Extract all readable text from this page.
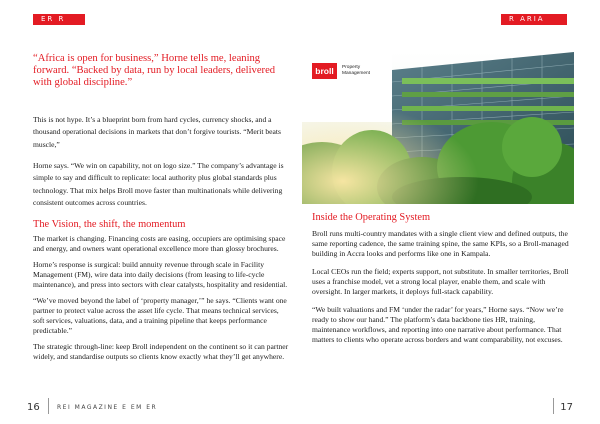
ER R	R ARIA

“Africa is open for business,” Horne tells me, leaning forward. “Backed by data, run by local leaders, delivered with global discipline.”

This is not hype. It’s a blueprint born from hard cycles, currency shocks, and a thousand operational decisions in markets that don’t forgive tourists. “Merit beats muscle,”

Horne says. “We win on capability, not on logo size.” The company’s advantage is simple to say and difficult to replicate: local authority plus global standards plus technology. That mix helps Broll move faster than multinationals while delivering consistent outcomes across countries.

The Vision, the shift, the momentum

The market is changing. Financing costs are easing, occupiers are optimising space and energy, and owners want operational excellence more than glossy brochures.

Horne’s response is surgical: build annuity revenue through scale in Facility Management (FM), wire data into daily decisions (from leasing to life-cycle maintenance), and press into sectors with clear catalysts, hospitality and residential.

“We’ve moved beyond the label of ‘property manager,’” he says. “Clients want one partner to protect value across the asset life cycle. That means technical services, soft services, valuations, data, and a training pipeline that keeps performance predictable.”

The strategic through-line: keep Broll independent on the continent so it can partner widely, and standardise outputs so clients know exactly what they’ll get anywhere.

broll	Property Management
Inside the Operating System

Broll runs multi-country mandates with a single client view and defined outputs, the same reporting cadence, the same training spine, the same KPIs, so a Broll-managed building in Accra looks and performs like one in Kampala.

Local CEOs run the field; experts support, not substitute. In smaller territories, Broll uses a franchise model, vet a strong local player, enable them, and scale with oversight. In larger markets, it deploys full-stack capability.

“We built valuations and FM ‘under the radar’ for years,” Horne says. “Now we’re ready to show our hand.” The platform’s data backbone ties HR, training, maintenance workflows, and reporting into one narrative about performance. That matters to clients who operate across borders and want comparability, not excuses.

16	REI MAGAZINE E EM ER	17
